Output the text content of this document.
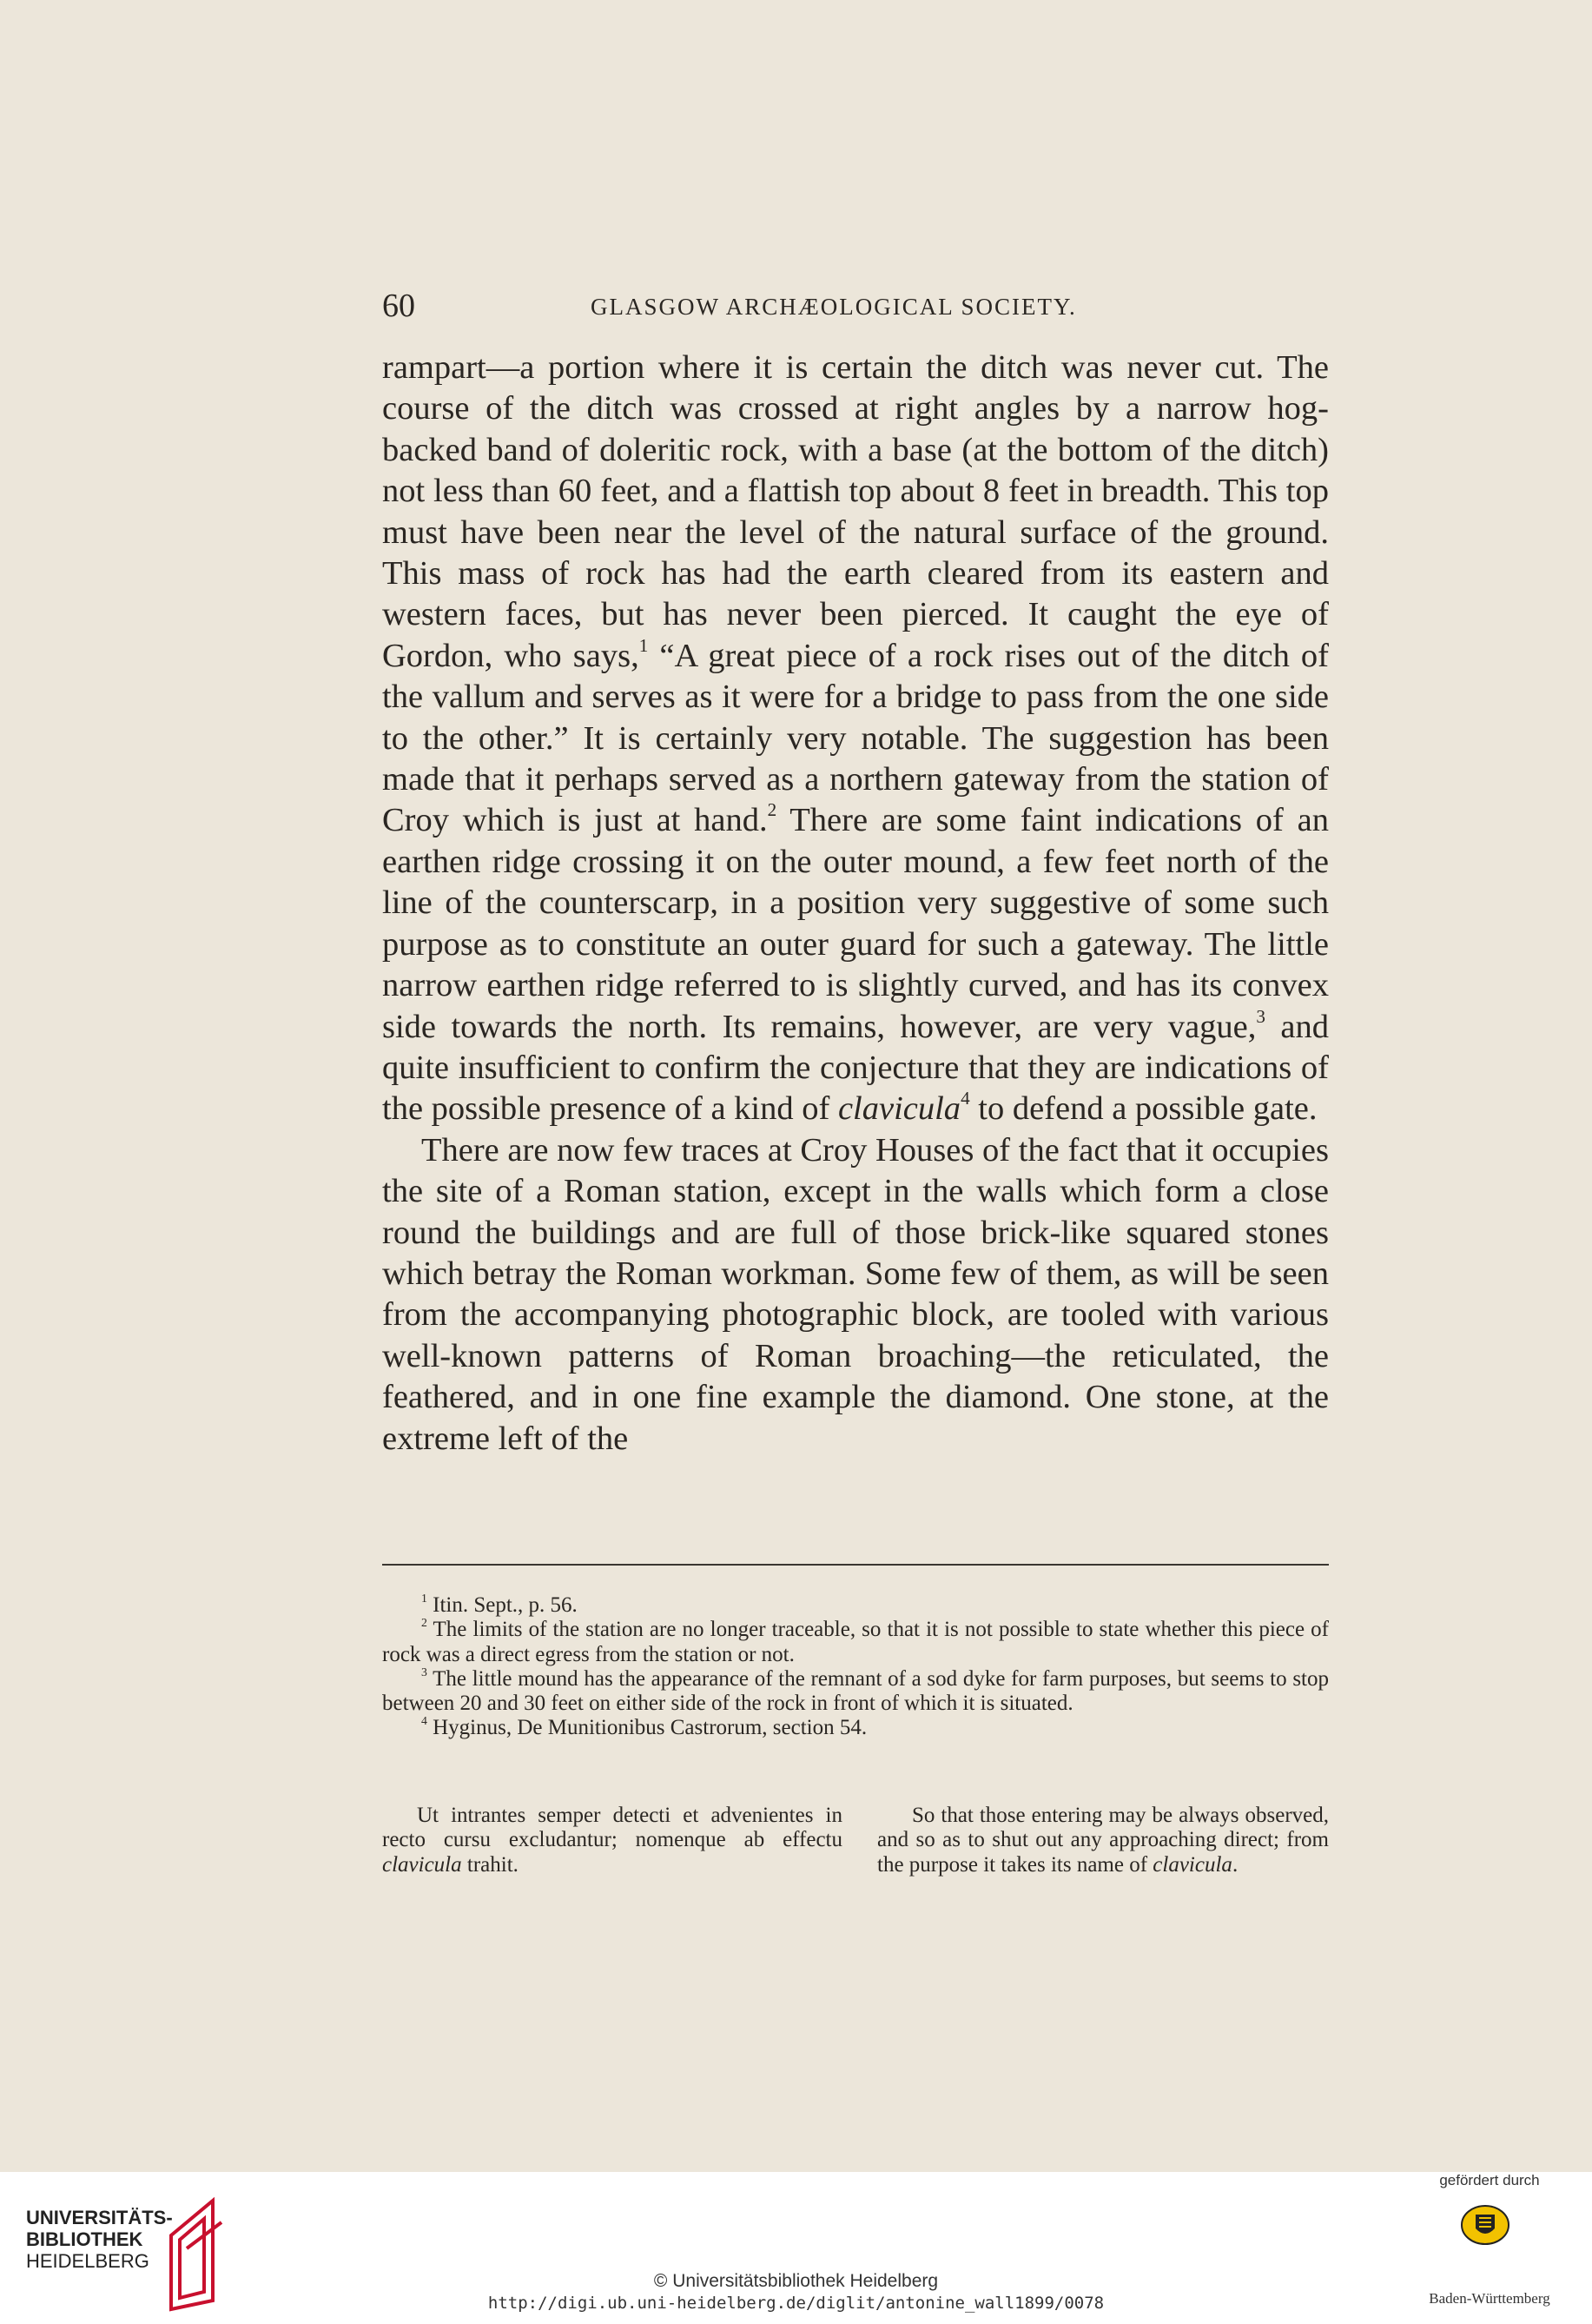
60	GLASGOW ARCHÆOLOGICAL SOCIETY.

rampart—a portion where it is certain the ditch was never cut. The course of the ditch was crossed at right angles by a narrow hog-backed band of doleritic rock, with a base (at the bottom of the ditch) not less than 60 feet, and a flattish top about 8 feet in breadth. This top must have been near the level of the natural surface of the ground. This mass of rock has had the earth cleared from its eastern and western faces, but has never been pierced. It caught the eye of Gordon, who says,$^1$ “A great piece of a rock rises out of the ditch of the vallum and serves as it were for a bridge to pass from the one side to the other.” It is certainly very notable. The suggestion has been made that it perhaps served as a northern gateway from the station of Croy which is just at hand.$^2$ There are some faint indications of an earthen ridge crossing it on the outer mound, a few feet north of the line of the counterscarp, in a position very suggestive of some such purpose as to constitute an outer guard for such a gateway. The little narrow earthen ridge referred to is slightly curved, and has its convex side towards the north. Its remains, however, are very vague,$^3$ and quite insufficient to confirm the conjecture that they are indications of the possible presence of a kind of clavicula$^4$ to defend a possible gate.

There are now few traces at Croy Houses of the fact that it occupies the site of a Roman station, except in the walls which form a close round the buildings and are full of those brick-like squared stones which betray the Roman workman. Some few of them, as will be seen from the accompanying photographic block, are tooled with various well-known patterns of Roman broaching—the reticulated, the feathered, and in one fine example the diamond. One stone, at the extreme left of the

$^1$ Itin. Sept., p. 56.

$^2$ The limits of the station are no longer traceable, so that it is not possible to state whether this piece of rock was a direct egress from the station or not.

$^3$ The little mound has the appearance of the remnant of a sod dyke for farm purposes, but seems to stop between 20 and 30 feet on either side of the rock in front of which it is situated.

$^4$ Hyginus, De Munitionibus Castrorum, section 54.

Ut intrantes semper detecti et advenientes in recto cursu excludantur; nomenque ab effectu clavicula trahit.

So that those entering may be always observed, and so as to shut out any approaching direct; from the purpose it takes its name of clavicula.

UNIVERSITÄTS-
BIBLIOTHEK
HEIDELBERG
© Universitätsbibliothek Heidelberg
http://digi.ub.uni-heidelberg.de/diglit/antonine_wall1899/0078
gefördert durch
Baden-Württemberg
